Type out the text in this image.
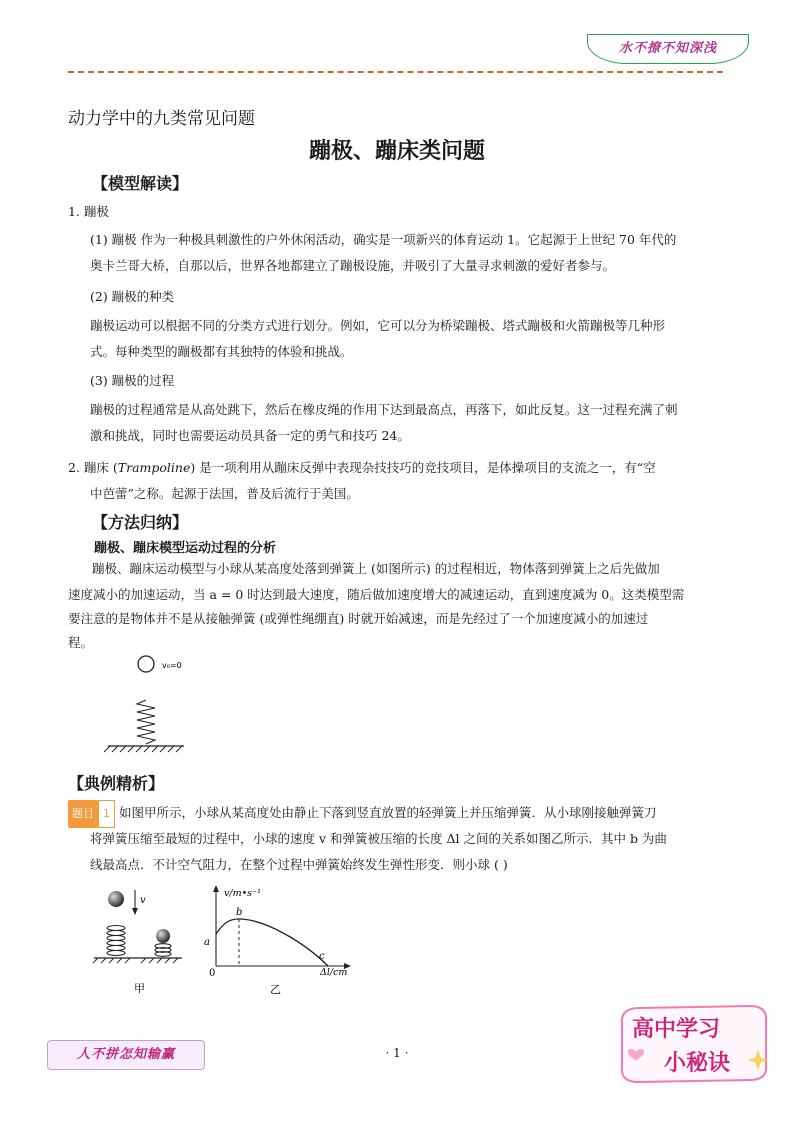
水不撩不知深浅
动力学中的九类常见问题
蹦极、蹦床类问题
【模型解读】
1. 蹦极
(1) 蹦极 作为一种极具刺激性的户外休闲活动，确实是一项新兴的体育运动 1。它起源于上世纪 70 年代的
奥卡兰哥大桥，自那以后，世界各地都建立了蹦极设施，并吸引了大量寻求刺激的爱好者参与。
(2) 蹦极的种类
蹦极运动可以根据不同的分类方式进行划分。例如，它可以分为桥梁蹦极、塔式蹦极和火箭蹦极等几种形
式。每种类型的蹦极都有其独特的体验和挑战。
(3) 蹦极的过程
蹦极的过程通常是从高处跳下，然后在橡皮绳的作用下达到最高点，再落下，如此反复。这一过程充满了刺
激和挑战，同时也需要运动员具备一定的勇气和技巧 24。
2. 蹦床 (Trampoline) 是一项利用从蹦床反弹中表现杂技技巧的竞技项目，是体操项目的支流之一，有“空
中芭蕾”之称。起源于法国，普及后流行于美国。
【方法归纳】
蹦极、蹦床模型运动过程的分析
蹦极、蹦床运动模型与小球从某高度处落到弹簧上 (如图所示) 的过程相近，物体落到弹簧上之后先做加
速度减小的加速运动，当 a = 0 时达到最大速度，随后做加速度增大的减速运动，直到速度减为 0。这类模型需
要注意的是物体并不是从接触弹簧 (或弹性绳绷直) 时就开始减速，而是先经过了一个加速度减小的加速过
程。
v₀=0
【典例精析】
题目 1 如图甲所示，小球从某高度处由静止下落到竖直放置的轻弹簧上并压缩弹簧．从小球刚接触弹簧刀
将弹簧压缩至最短的过程中，小球的速度 v 和弹簧被压缩的长度 Δl 之间的关系如图乙所示．其中 b 为曲
线最高点．不计空气阻力，在整个过程中弹簧始终发生弹性形变．则小球 ( )
v
甲
v/m•s⁻¹
Δl/cm
a
b
c
0
乙
人不拼怎知输赢	· 1 ·
高中学习
小秘诀
